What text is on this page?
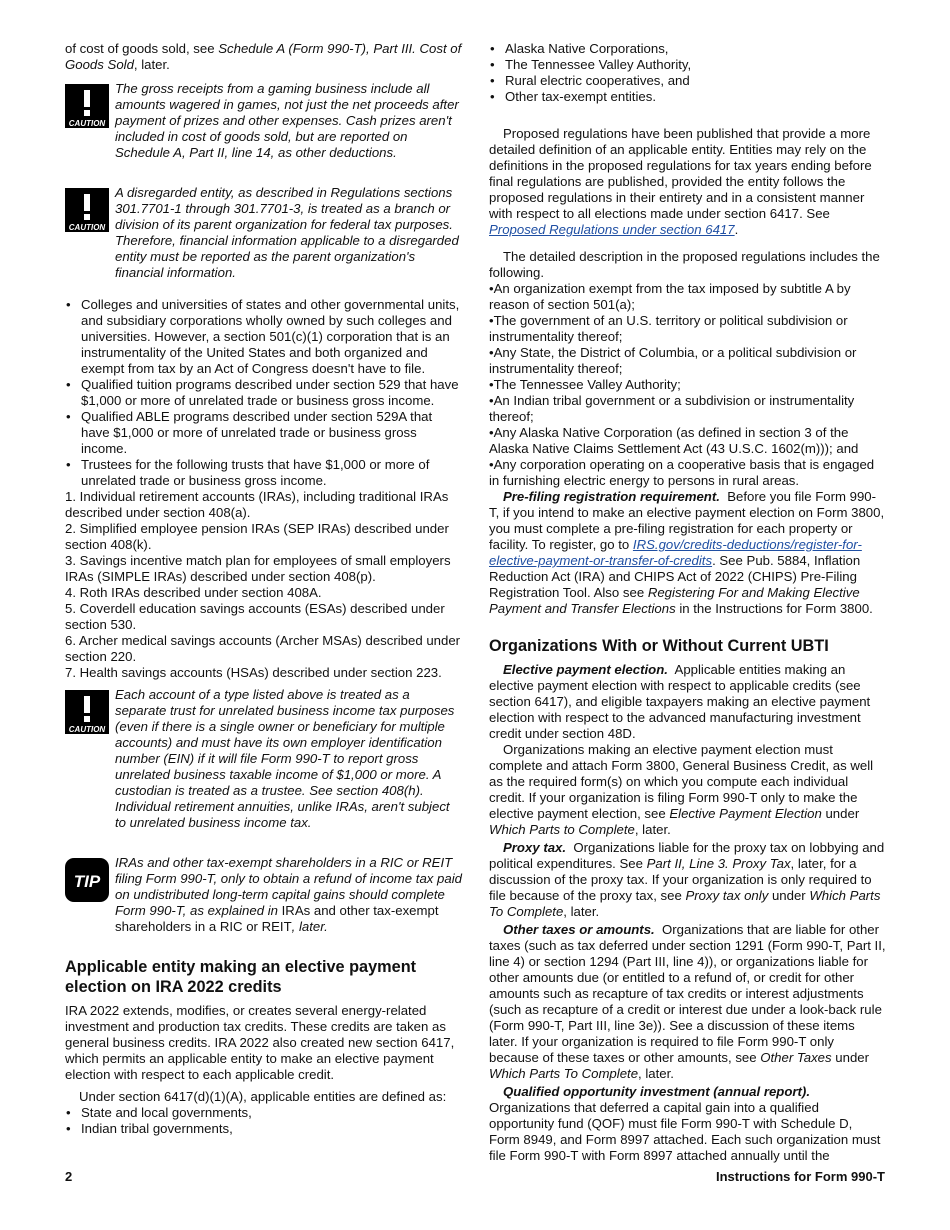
of cost of goods sold, see Schedule A (Form 990-T), Part III. Cost of Goods Sold, later.

CAUTION
The gross receipts from a gaming business include all amounts wagered in games, not just the net proceeds after payment of prizes and other expenses. Cash prizes aren't included in cost of goods sold, but are reported on Schedule A, Part II, line 14, as other deductions.
CAUTION
A disregarded entity, as described in Regulations sections 301.7701-1 through 301.7701-3, is treated as a branch or division of its parent organization for federal tax purposes. Therefore, financial information applicable to a disregarded entity must be reported as the parent organization's financial information.

• Colleges and universities of states and other governmental units, and subsidiary corporations wholly owned by such colleges and universities. However, a section 501(c)(1) corporation that is an instrumentality of the United States and both organized and exempt from tax by an Act of Congress doesn't have to file.

• Qualified tuition programs described under section 529 that have $1,000 or more of unrelated trade or business gross income.

• Qualified ABLE programs described under section 529A that have $1,000 or more of unrelated trade or business gross income.

• Trustees for the following trusts that have $1,000 or more of unrelated trade or business gross income.

1. Individual retirement accounts (IRAs), including traditional IRAs described under section 408(a).

2. Simplified employee pension IRAs (SEP IRAs) described under section 408(k).

3. Savings incentive match plan for employees of small employers IRAs (SIMPLE IRAs) described under section 408(p).

4. Roth IRAs described under section 408A.

5. Coverdell education savings accounts (ESAs) described under section 530.

6. Archer medical savings accounts (Archer MSAs) described under section 220.

7. Health savings accounts (HSAs) described under section 223.

CAUTION
Each account of a type listed above is treated as a separate trust for unrelated business income tax purposes (even if there is a single owner or beneficiary for multiple accounts) and must have its own employer identification number (EIN) if it will file Form 990-T to report gross unrelated business taxable income of $1,000 or more. A custodian is treated as a trustee. See section 408(h). Individual retirement annuities, unlike IRAs, aren't subject to unrelated business income tax.
TIP
IRAs and other tax-exempt shareholders in a RIC or REIT filing Form 990-T, only to obtain a refund of income tax paid on undistributed long-term capital gains should complete Form 990-T, as explained in IRAs and other tax-exempt shareholders in a RIC or REIT, later.
Applicable entity making an elective payment election on IRA 2022 credits

IRA 2022 extends, modifies, or creates several energy-related investment and production tax credits. These credits are taken as general business credits. IRA 2022 also created new section 6417, which permits an applicable entity to make an elective payment election with respect to each applicable credit.

Under section 6417(d)(1)(A), applicable entities are defined as:

• State and local governments,

• Indian tribal governments,

• Alaska Native Corporations,

• The Tennessee Valley Authority,

• Rural electric cooperatives, and

• Other tax-exempt entities.

Proposed regulations have been published that provide a more detailed definition of an applicable entity. Entities may rely on the definitions in the proposed regulations for tax years ending before final regulations are published, provided the entity follows the proposed regulations in their entirety and in a consistent manner with respect to all elections made under section 6417. See Proposed Regulations under section 6417.

The detailed description in the proposed regulations includes the following.

•An organization exempt from the tax imposed by subtitle A by reason of section 501(a);

•The government of an U.S. territory or political subdivision or instrumentality thereof;

•Any State, the District of Columbia, or a political subdivision or instrumentality thereof;

•The Tennessee Valley Authority;

•An Indian tribal government or a subdivision or instrumentality thereof;

•Any Alaska Native Corporation (as defined in section 3 of the Alaska Native Claims Settlement Act (43 U.S.C. 1602(m))); and

•Any corporation operating on a cooperative basis that is engaged in furnishing electric energy to persons in rural areas.

Pre-filing registration requirement. Before you file Form 990-T, if you intend to make an elective payment election on Form 3800, you must complete a pre-filing registration for each property or facility. To register, go to IRS.gov/credits-deductions/register-for-elective-payment-or-transfer-of-credits. See Pub. 5884, Inflation Reduction Act (IRA) and CHIPS Act of 2022 (CHIPS) Pre-Filing Registration Tool. Also see Registering For and Making Elective Payment and Transfer Elections in the Instructions for Form 3800.

Organizations With or Without Current UBTI

Elective payment election. Applicable entities making an elective payment election with respect to applicable credits (see section 6417), and eligible taxpayers making an elective payment election with respect to the advanced manufacturing investment credit under section 48D.

Organizations making an elective payment election must complete and attach Form 3800, General Business Credit, as well as the required form(s) on which you compute each individual credit. If your organization is filing Form 990-T only to make the elective payment election, see Elective Payment Election under Which Parts to Complete, later.

Proxy tax. Organizations liable for the proxy tax on lobbying and political expenditures. See Part II, Line 3. Proxy Tax, later, for a discussion of the proxy tax. If your organization is only required to file because of the proxy tax, see Proxy tax only under Which Parts To Complete, later.

Other taxes or amounts. Organizations that are liable for other taxes (such as tax deferred under section 1291 (Form 990-T, Part II, line 4) or section 1294 (Part III, line 4)), or organizations liable for other amounts due (or entitled to a refund of, or credit for other amounts such as recapture of tax credits or interest adjustments (such as recapture of a credit or interest due under a look-back rule (Form 990-T, Part III, line 3e)). See a discussion of these items later. If your organization is required to file Form 990-T only because of these taxes or other amounts, see Other Taxes under Which Parts To Complete, later.

Qualified opportunity investment (annual report). Organizations that deferred a capital gain into a qualified opportunity fund (QOF) must file Form 990-T with Schedule D, Form 8949, and Form 8997 attached. Each such organization must file Form 990-T with Form 8997 attached annually until the

2	Instructions for Form 990-T
